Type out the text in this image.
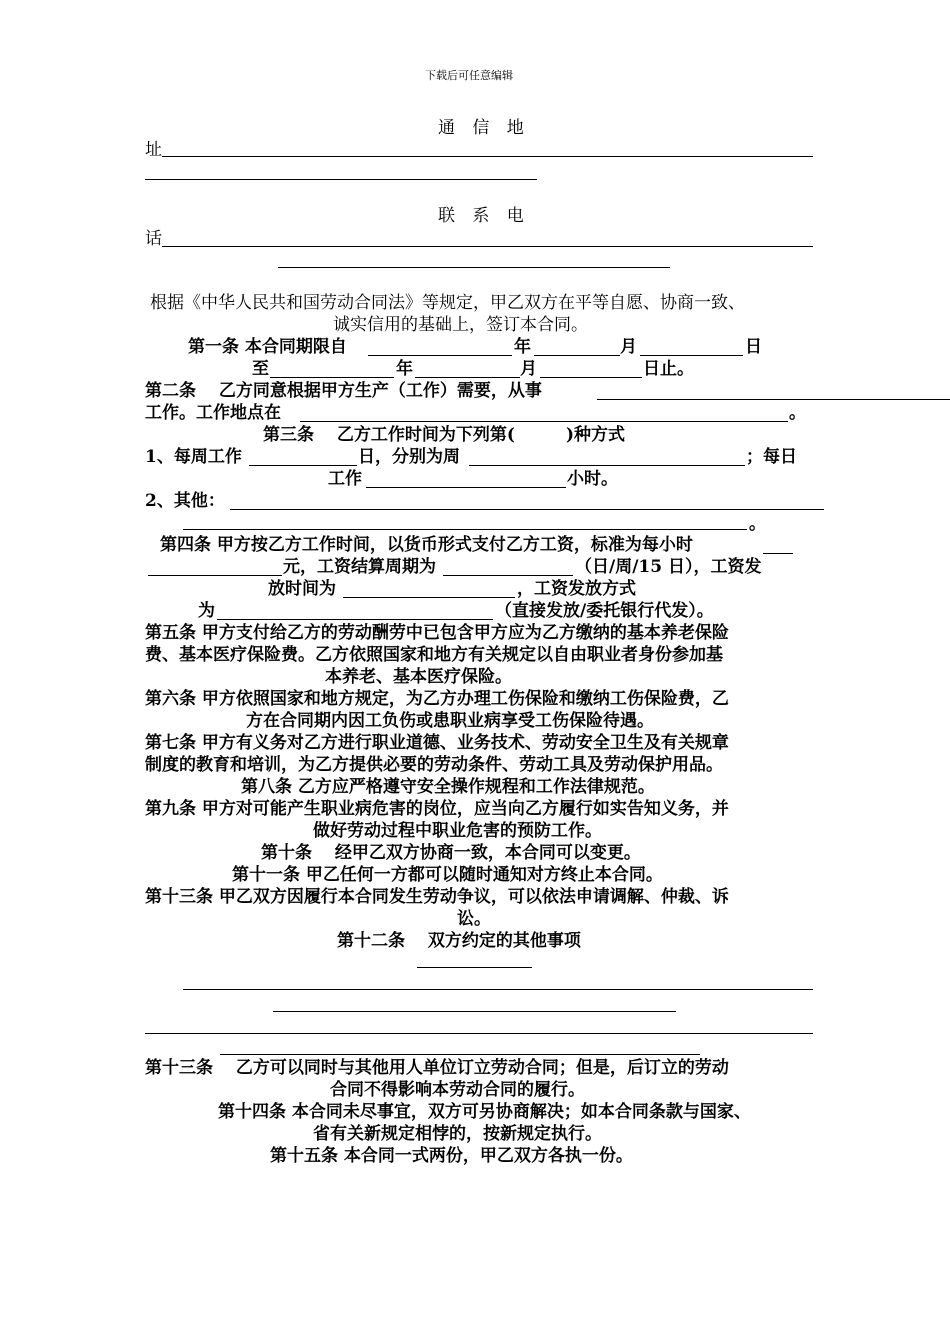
下载后可任意编辑
通 信 地
址
联 系 电
话
根据《中华人民共和国劳动合同法》等规定，甲乙双方在平等自愿、协商一致、
诚实信用的基础上，签订本合同。
第一条 本合同期限自	年	月	日
至	年	月	日止。
第二条　 乙方同意根据甲方生产（工作）需要，从事
工作。工作地点在	。
第三条　 乙方工作时间为下列第(　　　)种方式
1、每周工作	日，分别为周	；每日
工作	小时。
2、其他：
。
第四条 甲方按乙方工作时间，以货币形式支付乙方工资，标准为每小时
元，工资结算周期为	（日/周/15 日），工资发
放时间为	，工资发放方式
为	（直接发放/委托银行代发）。
第五条 甲方支付给乙方的劳动酬劳中已包含甲方应为乙方缴纳的基本养老保险
费、基本医疗保险费。乙方依照国家和地方有关规定以自由职业者身份参加基
本养老、基本医疗保险。
第六条 甲方依照国家和地方规定，为乙方办理工伤保险和缴纳工伤保险费，乙
方在合同期内因工负伤或患职业病享受工伤保险待遇。
第七条 甲方有义务对乙方进行职业道德、业务技术、劳动安全卫生及有关规章
制度的教育和培训，为乙方提供必要的劳动条件、劳动工具及劳动保护用品。
第八条 乙方应严格遵守安全操作规程和工作法律规范。
第九条 甲方对可能产生职业病危害的岗位，应当向乙方履行如实告知义务，并
做好劳动过程中职业危害的预防工作。
第十条　 经甲乙双方协商一致，本合同可以变更。
第十一条 甲乙任何一方都可以随时通知对方终止本合同。
第十三条 甲乙双方因履行本合同发生劳动争议，可以依法申请调解、仲裁、诉
讼。
第十二条　 双方约定的其他事项
第十三条　 乙方可以同时与其他用人单位订立劳动合同；但是，后订立的劳动
合同不得影响本劳动合同的履行。
第十四条 本合同未尽事宜，双方可另协商解决；如本合同条款与国家、
省有关新规定相悖的，按新规定执行。
第十五条 本合同一式两份，甲乙双方各执一份。
